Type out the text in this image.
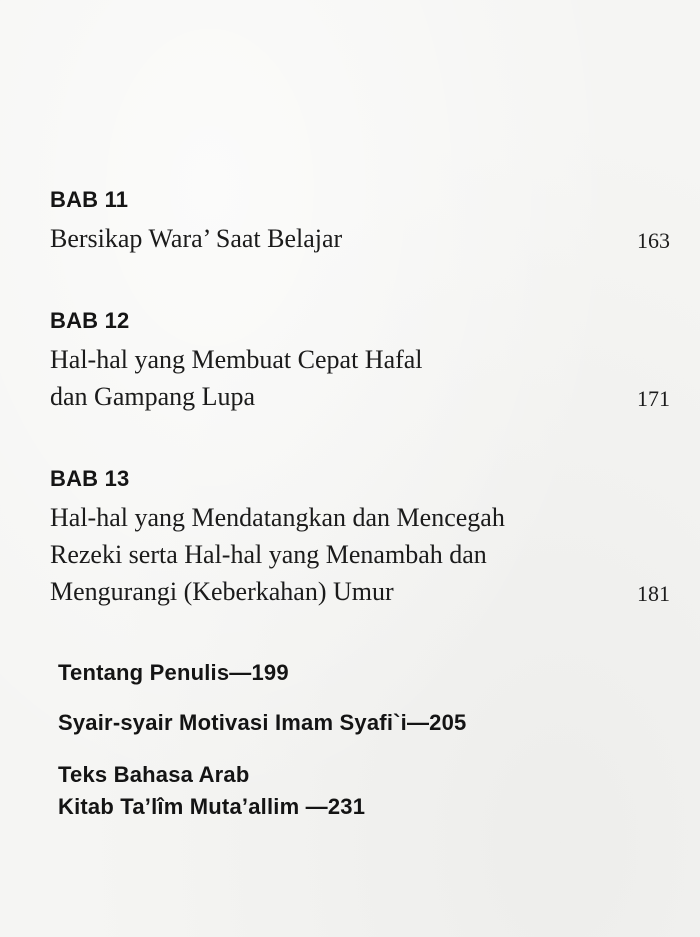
BAB 11
Bersikap Wara’ Saat Belajar	163
BAB 12
Hal-hal yang Membuat Cepat Hafal
dan Gampang Lupa	171
BAB 13
Hal-hal yang Mendatangkan dan Mencegah
Rezeki serta Hal-hal yang Menambah dan
Mengurangi (Keberkahan) Umur	181
Tentang Penulis—199
Syair-syair Motivasi Imam Syafi`i—205
Teks Bahasa Arab
Kitab Ta’lîm Muta’allim —231
